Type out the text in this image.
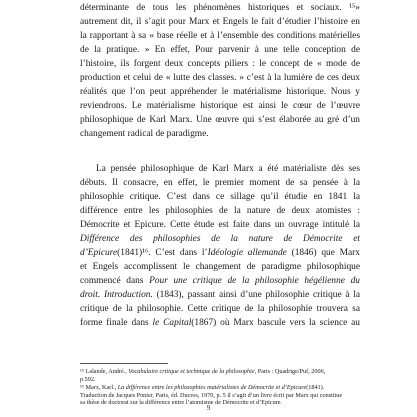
déterminante de tous les phénomènes historiques et sociaux. ¹⁵»
autrement dit, il s’agit pour Marx et Engels le fait d’étudier l’histoire en
la rapportant à sa « base réelle et à l’ensemble des conditions matérielles
de la pratique. » En effet, Pour parvenir à une telle conception de
l’histoire, ils forgent deux concepts piliers : le concept de « mode de
production et celui de « lutte des classes. » c’est à la lumière de ces deux
réalités que l’on peut appréhender le matérialisme historique. Nous y
reviendrons. Le matérialisme historique est ainsi le cœur de l’œuvre
philosophique de Karl Marx. Une œuvre qui s’est élaborée au gré d’un
changement radical de paradigme.
La pensée philosophique de Karl Marx a été matérialiste dès ses
débuts. Il consacre, en effet, le premier moment de sa pensée à la
philosophie critique. C’est dans ce sillage qu’il étudie en 1841 la
différence entre les philosophies de la nature de deux atomistes :
Démocrite et Epicure. Cette étude est faite dans un ouvrage intitulé la
Différence des philosophies de la nature de Démocrite et
d’Epicure(1841)¹⁶. C’est dans l’Idéologie allemande (1846) que Marx
et Engels accomplissent le changement de paradigme philosophique
commencé dans Pour une critique de la philosophie hégélienne du
droit. Introduction. (1843), passant ainsi d’une philosophie critique à la
critique de la philosophie. Cette critique de la philosophie trouvera sa
forme finale dans le Capital(1867) où Marx bascule vers la science au
¹⁵ Lalande, André., Vocabulaire critique et technique de la philosophie, Paris : Quadrige/Puf, 2006,
p.592.
¹⁶ Marx, Karl., La différence entre les philosophies matérialistes de Démocrite et d’Epicure(1841).
Traduction de Jacques Ponier, Paris, éd. Ducros, 1970, p. 5 il s’agit d’un livre écrit par Marx qui constitue
sa thèse de doctorat sur la différence entre l’atomisme de Démocrite et d’Epicure.
9
